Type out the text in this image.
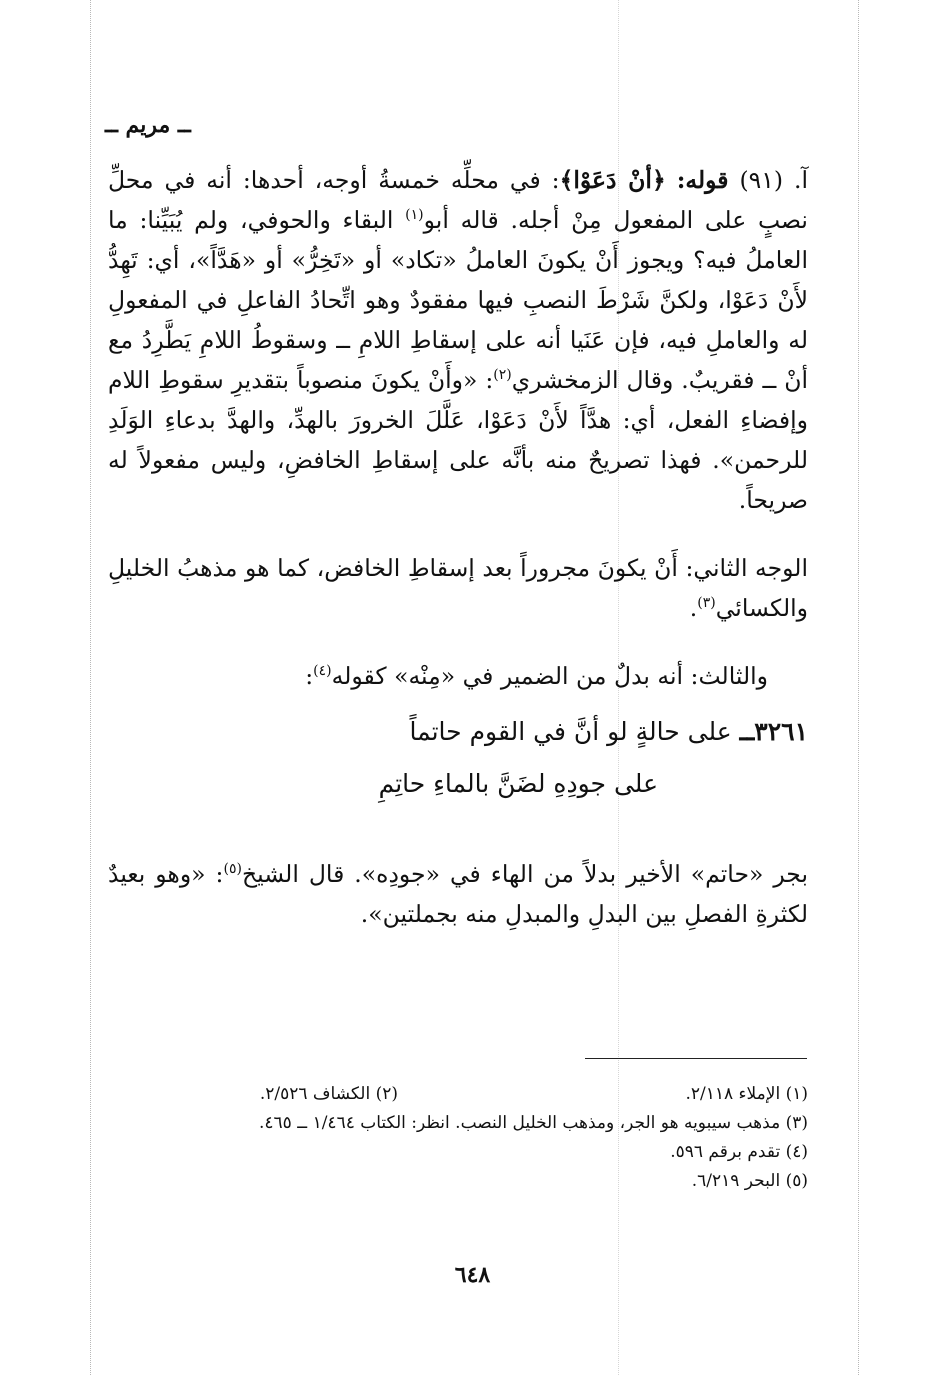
ــ مريم ــ

آ. (٩١) قوله: ﴿أنْ دَعَوْا﴾: في محلِّه خمسةُ أوجه، أحدها: أنه في محلِّ نصبٍ على المفعول مِنْ أجله. قاله أبو$^{(١)}$ البقاء والحوفي، ولم يُبَيِّنا: ما العاملُ فيه؟ ويجوز أَنْ يكونَ العاملُ «تكاد» أو «تَخِرُّ» أو «هَدَّاً»، أي: تَهِدُّ لأَنْ دَعَوْا، ولكنَّ شَرْطَ النصبِ فيها مفقودٌ وهو اتِّحادُ الفاعلِ في المفعولِ له والعاملِ فيه، فإن عَنَيا أنه على إسقاطِ اللامِ ــ وسقوطُ اللامِ يَطَّرِدُ مع أنْ ــ فقريبٌ. وقال الزمخشري$^{(٢)}$: «وأَنْ يكونَ منصوباً بتقديرِ سقوطِ اللام وإفضاءِ الفعل، أي: هدَّاً لأَنْ دَعَوْا، عَلَّلَ الخرورَ بالهدِّ، والهدَّ بدعاءِ الوَلَدِ للرحمن». فهذا تصريحٌ منه بأنَّه على إسقاطِ الخافضِ، وليس مفعولاً له صريحاً.

الوجه الثاني: أَنْ يكونَ مجروراً بعد إسقاطِ الخافض، كما هو مذهبُ الخليلِ والكسائي$^{(٣)}$.

والثالث: أنه بدلٌ من الضمير في «مِنْه» كقوله$^{(٤)}$:

٣٢٦١ــ على حالةٍ لو أنَّ في القوم حاتماً

على جودِهِ لضَنَّ بالماءِ حاتِمِ

بجر «حاتم» الأخير بدلاً من الهاء في «جودِه». قال الشيخ$^{(٥)}$: «وهو بعيدٌ لكثرةِ الفصلِ بين البدلِ والمبدلِ منه بجملتين».

(١) الإملاء ٢/١١٨.
(٢) الكشاف ٢/٥٢٦.
(٣) مذهب سيبويه هو الجر، ومذهب الخليل النصب. انظر: الكتاب ١/٤٦٤ ــ ٤٦٥.
(٤) تقدم برقم ٥٩٦.
(٥) البحر ٦/٢١٩.
٦٤٨
